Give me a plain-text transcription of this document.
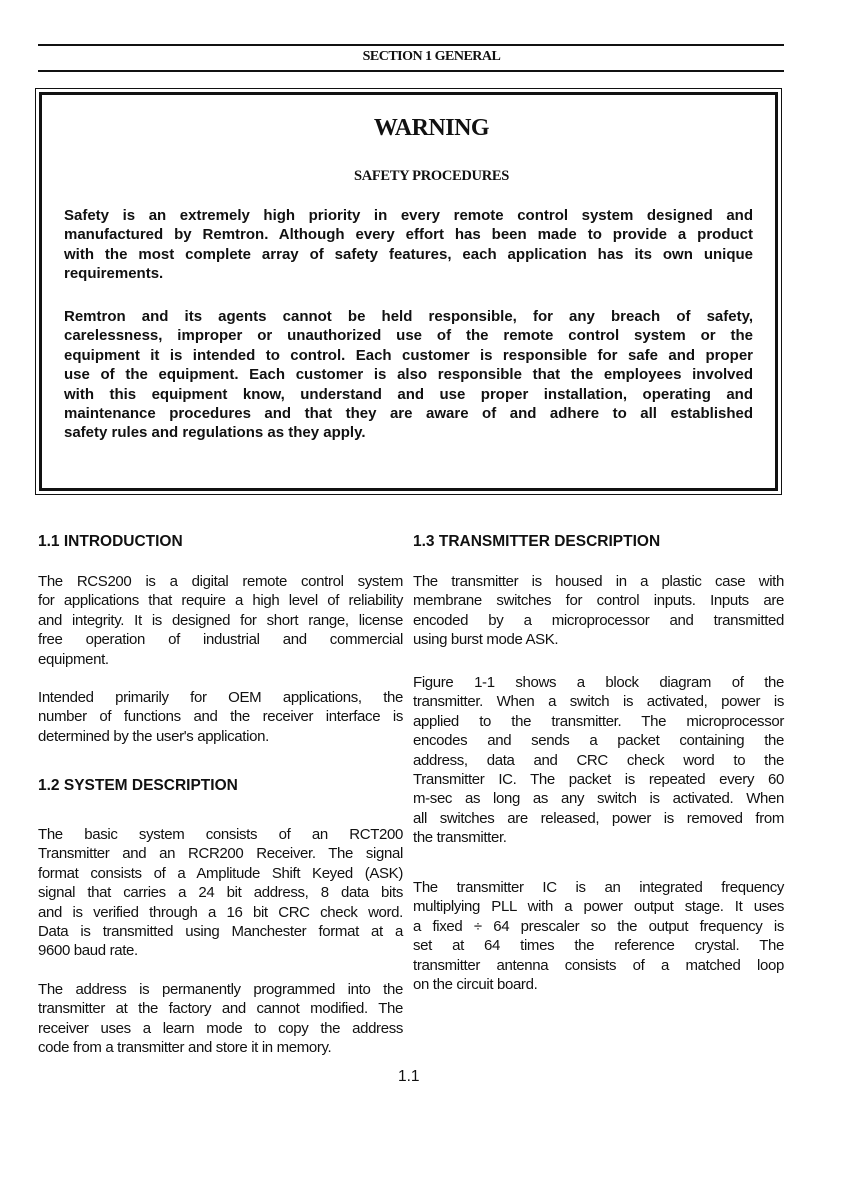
SECTION 1 GENERAL
WARNING
SAFETY PROCEDURES
Safety is an extremely high priority in every remote control system designed and
manufactured by Remtron. Although every effort has been made to provide a product
with the most complete array of safety features, each application has its own unique
requirements.
Remtron and its agents cannot be held responsible, for any breach of safety,
carelessness, improper or unauthorized use of the remote control system or the
equipment it is intended to control. Each customer is responsible for safe and proper
use of the equipment. Each customer is also responsible that the employees involved
with this equipment know, understand and use proper installation, operating and
maintenance procedures and that they are aware of and adhere to all established
safety rules and regulations as they apply.
1.1 INTRODUCTION
The RCS200 is a digital remote control system
for applications that require a high level of reliability
and integrity. It is designed for short range, license
free operation of industrial and commercial
equipment.
Intended primarily for OEM applications, the
number of functions and the receiver interface is
determined by the user's application.
1.2 SYSTEM DESCRIPTION
The basic system consists of an RCT200
Transmitter and an RCR200 Receiver. The signal
format consists of a Amplitude Shift Keyed (ASK)
signal that carries a 24 bit address, 8 data bits
and is verified through a 16 bit CRC check word.
Data is transmitted using Manchester format at a
9600 baud rate.
The address is permanently programmed into the
transmitter at the factory and cannot modified. The
receiver uses a learn mode to copy the address
code from a transmitter and store it in memory.
1.3 TRANSMITTER DESCRIPTION
The transmitter is housed in a plastic case with
membrane switches for control inputs. Inputs are
encoded by a microprocessor and transmitted
using burst mode ASK.
Figure 1-1 shows a block diagram of the
transmitter. When a switch is activated, power is
applied to the transmitter. The microprocessor
encodes and sends a packet containing the
address, data and CRC check word to the
Transmitter IC. The packet is repeated every 60
m-sec as long as any switch is activated. When
all switches are released, power is removed from
the transmitter.
The transmitter IC is an integrated frequency
multiplying PLL with a power output stage. It uses
a fixed ÷ 64 prescaler so the output frequency is
set at 64 times the reference crystal. The
transmitter antenna consists of a matched loop
on the circuit board.
1.1
